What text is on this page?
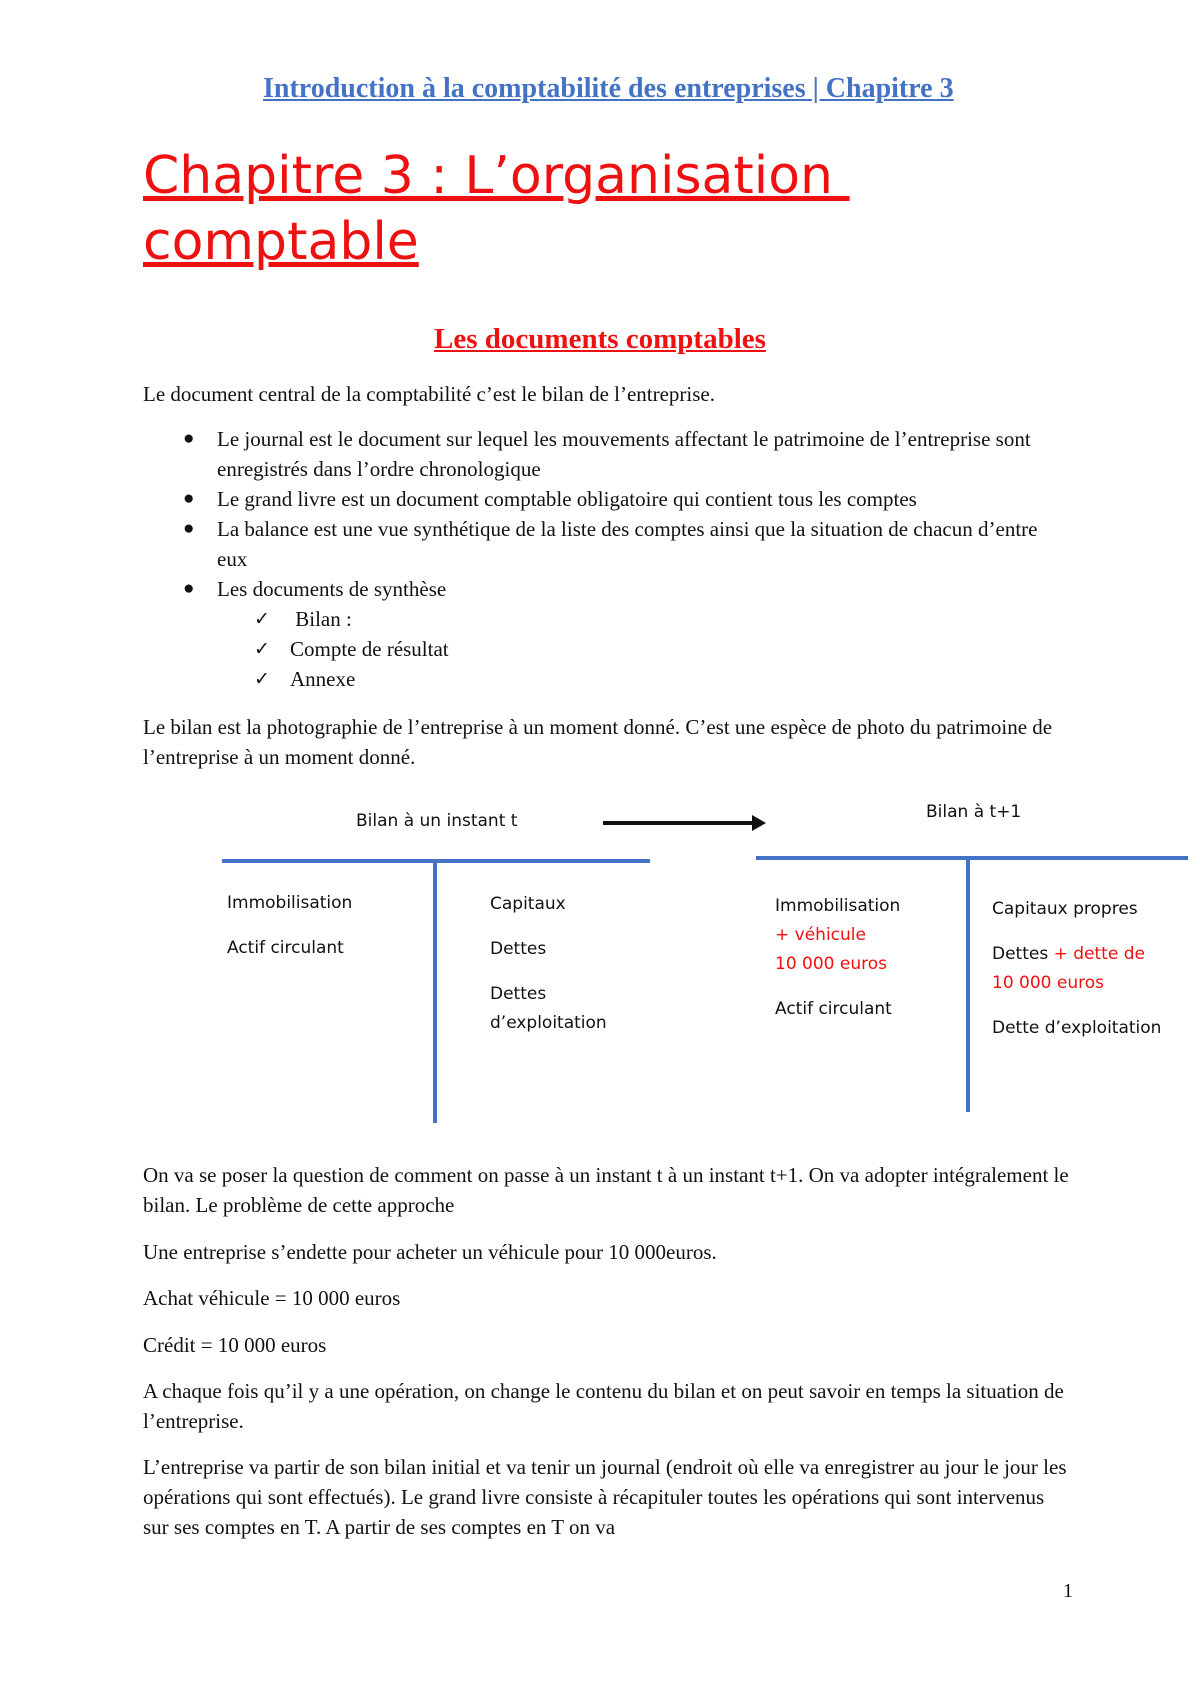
Introduction à la comptabilité des entreprises | Chapitre 3
Chapitre 3 : L’organisation
comptable
Les documents comptables
Le document central de la comptabilité c’est le bilan de l’entreprise.
● Le journal est le document sur lequel les mouvements affectant le patrimoine de l’entreprise sont enregistrés dans l’ordre chronologique
● Le grand livre est un document comptable obligatoire qui contient tous les comptes
● La balance est une vue synthétique de la liste des comptes ainsi que la situation de chacun d’entre eux
● Les documents de synthèse
✓ Bilan :
✓ Compte de résultat
✓ Annexe
Le bilan est la photographie de l’entreprise à un moment donné. C’est une espèce de photo du patrimoine de l’entreprise à un moment donné.
Bilan à un instant t	Bilan à t+1
Immobilisation
Actif circulant
Capitaux
Dettes
Dettes
d’exploitation
Immobilisation
+ véhicule
10 000 euros
Actif circulant
Capitaux propres
Dettes + dette de
10 000 euros
Dette d’exploitation
On va se poser la question de comment on passe à un instant t à un instant t+1. On va adopter intégralement le bilan. Le problème de cette approche
Une entreprise s’endette pour acheter un véhicule pour 10 000euros.
Achat véhicule = 10 000 euros
Crédit = 10 000 euros
A chaque fois qu’il y a une opération, on change le contenu du bilan et on peut savoir en temps la situation de l’entreprise.
L’entreprise va partir de son bilan initial et va tenir un journal (endroit où elle va enregistrer au jour le jour les opérations qui sont effectués). Le grand livre consiste à récapituler toutes les opérations qui sont intervenus sur ses comptes en T. A partir de ses comptes en T on va
1
